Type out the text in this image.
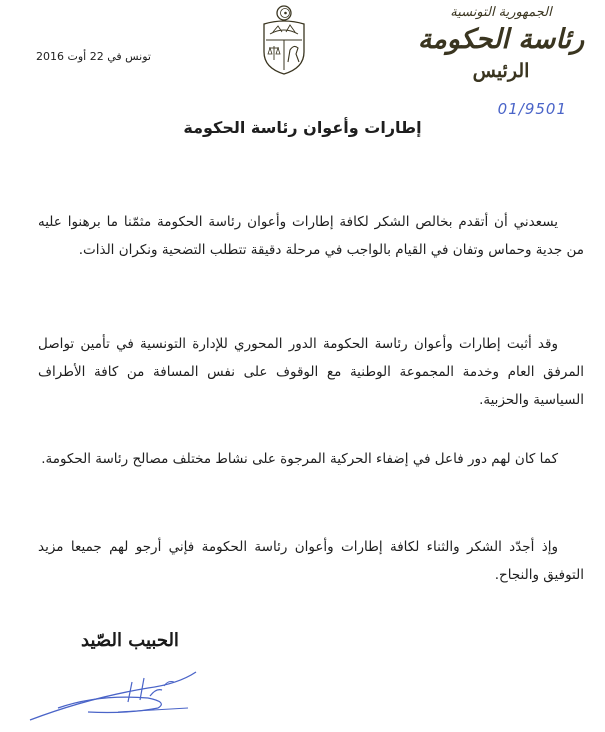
الجمهورية التونسية
رئاسة الحكومة
الرئيس
01/9501
تونس في 22 أوت 2016
إطارات وأعوان رئاسة الحكومة

يسعدني أن أتقدم بخالص الشكر لكافة إطارات وأعوان رئاسة الحكومة مثمّنا ما برهنوا عليه من جدية وحماس وتفان في القيام بالواجب في مرحلة دقيقة تتطلب التضحية ونكران الذات.

وقد أثبت إطارات وأعوان رئاسة الحكومة الدور المحوري للإدارة التونسية في تأمين تواصل المرفق العام وخدمة المجموعة الوطنية مع الوقوف على نفس المسافة من كافة الأطراف السياسية والحزبية.

كما كان لهم دور فاعل في إضفاء الحركية المرجوة على نشاط مختلف مصالح رئاسة الحكومة.

وإذ أجدّد الشكر والثناء لكافة إطارات وأعوان رئاسة الحكومة فإني أرجو لهم جميعا مزيد التوفيق والنجاح.

الحبيب الصّيد
